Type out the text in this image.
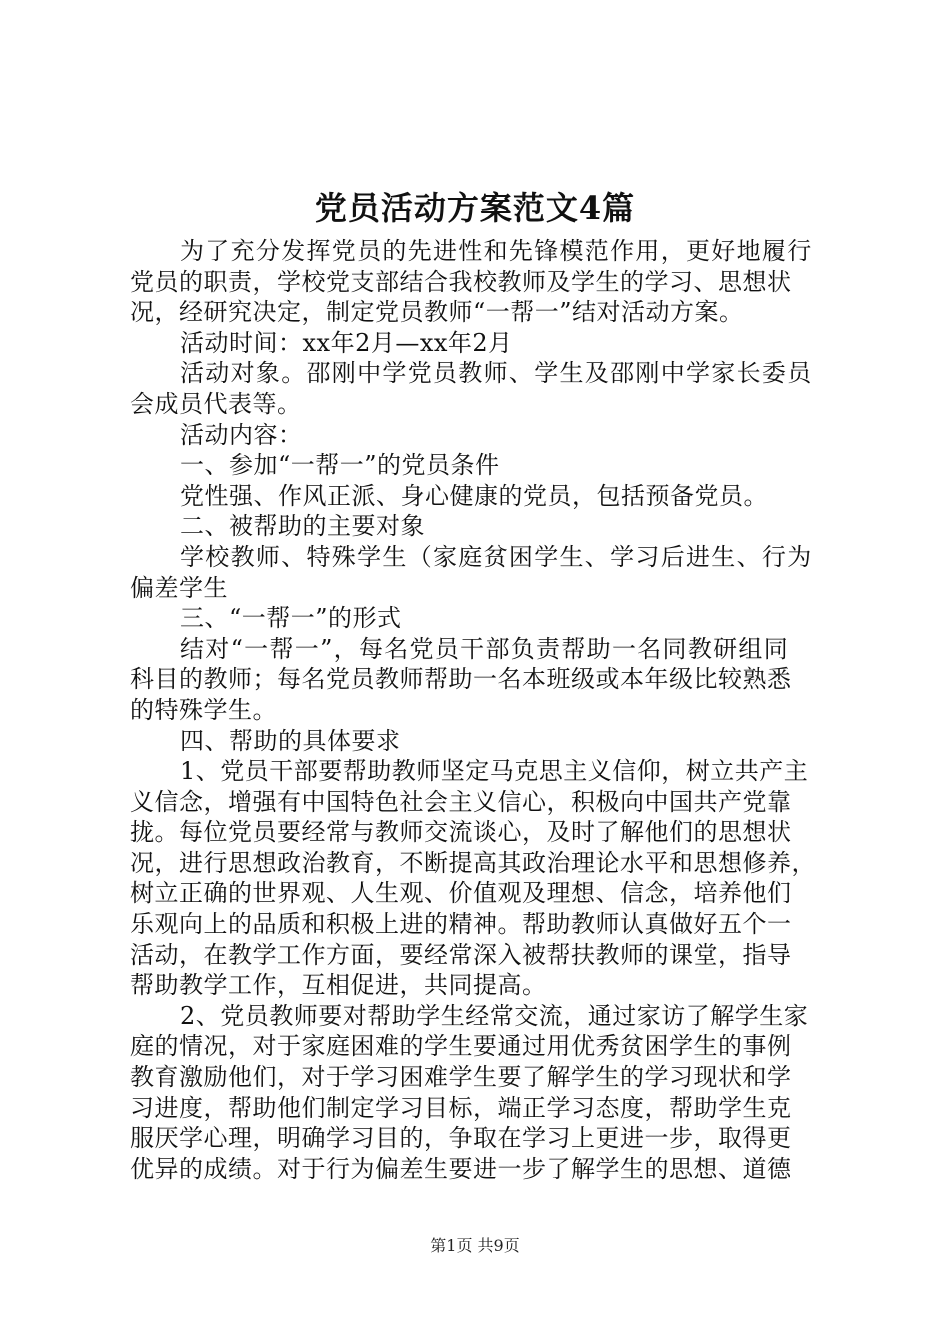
党员活动方案范文4篇
为了充分发挥党员的先进性和先锋模范作用，更好地履行
党员的职责，学校党支部结合我校教师及学生的学习、思想状
况，经研究决定，制定党员教师“一帮一”结对活动方案。
活动时间：xx年2月—xx年2月
活动对象。邵刚中学党员教师、学生及邵刚中学家长委员
会成员代表等。
活动内容：
一、参加“一帮一”的党员条件
党性强、作风正派、身心健康的党员，包括预备党员。
二、被帮助的主要对象
学校教师、特殊学生（家庭贫困学生、学习后进生、行为
偏差学生
三、“一帮一”的形式
结对“一帮一”，每名党员干部负责帮助一名同教研组同
科目的教师；每名党员教师帮助一名本班级或本年级比较熟悉
的特殊学生。
四、帮助的具体要求
1、党员干部要帮助教师坚定马克思主义信仰，树立共产主
义信念，增强有中国特色社会主义信心，积极向中国共产党靠
拢。每位党员要经常与教师交流谈心，及时了解他们的思想状
况，进行思想政治教育，不断提高其政治理论水平和思想修养，
树立正确的世界观、人生观、价值观及理想、信念，培养他们
乐观向上的品质和积极上进的精神。帮助教师认真做好五个一
活动，在教学工作方面，要经常深入被帮扶教师的课堂，指导
帮助教学工作，互相促进，共同提高。
2、党员教师要对帮助学生经常交流，通过家访了解学生家
庭的情况，对于家庭困难的学生要通过用优秀贫困学生的事例
教育激励他们，对于学习困难学生要了解学生的学习现状和学
习进度，帮助他们制定学习目标，端正学习态度，帮助学生克
服厌学心理，明确学习目的，争取在学习上更进一步，取得更
优异的成绩。对于行为偏差生要进一步了解学生的思想、道德
第1页 共9页
